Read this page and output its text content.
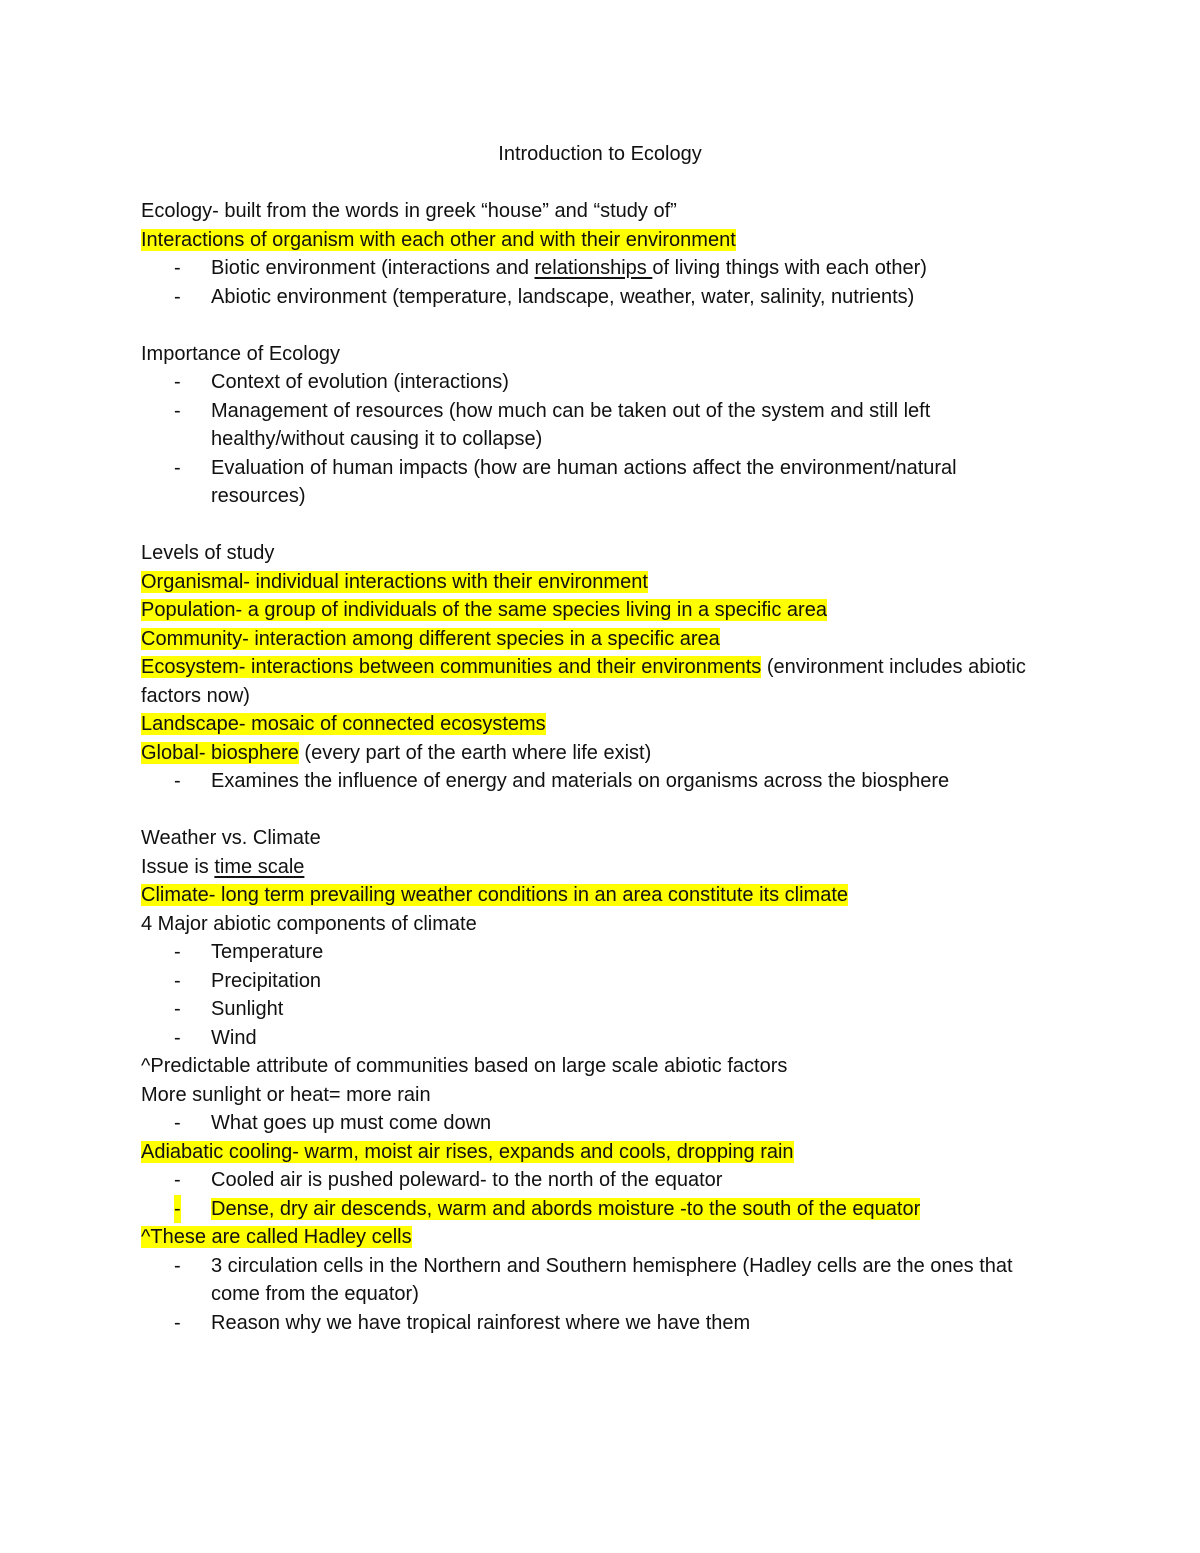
Introduction to Ecology
Ecology- built from the words in greek “house” and “study of”
Interactions of organism with each other and with their environment
- Biotic environment (interactions and relationships of living things with each other)
- Abiotic environment (temperature, landscape, weather, water, salinity, nutrients)
Importance of Ecology
- Context of evolution (interactions)
- Management of resources (how much can be taken out of the system and still left healthy/without causing it to collapse)
- Evaluation of human impacts (how are human actions affect the environment/natural resources)
Levels of study
Organismal- individual interactions with their environment
Population- a group of individuals of the same species living in a specific area
Community- interaction among different species in a specific area
Ecosystem- interactions between communities and their environments (environment includes abiotic factors now)
Landscape- mosaic of connected ecosystems
Global- biosphere (every part of the earth where life exist)
- Examines the influence of energy and materials on organisms across the biosphere
Weather vs. Climate
Issue is time scale
Climate- long term prevailing weather conditions in an area constitute its climate
4 Major abiotic components of climate
- Temperature
- Precipitation
- Sunlight
- Wind
^Predictable attribute of communities based on large scale abiotic factors
More sunlight or heat= more rain
- What goes up must come down
Adiabatic cooling- warm, moist air rises, expands and cools, dropping rain
- Cooled air is pushed poleward- to the north of the equator
- Dense, dry air descends, warm and abords moisture -to the south of the equator
^These are called Hadley cells
- 3 circulation cells in the Northern and Southern hemisphere (Hadley cells are the ones that come from the equator)
- Reason why we have tropical rainforest where we have them
